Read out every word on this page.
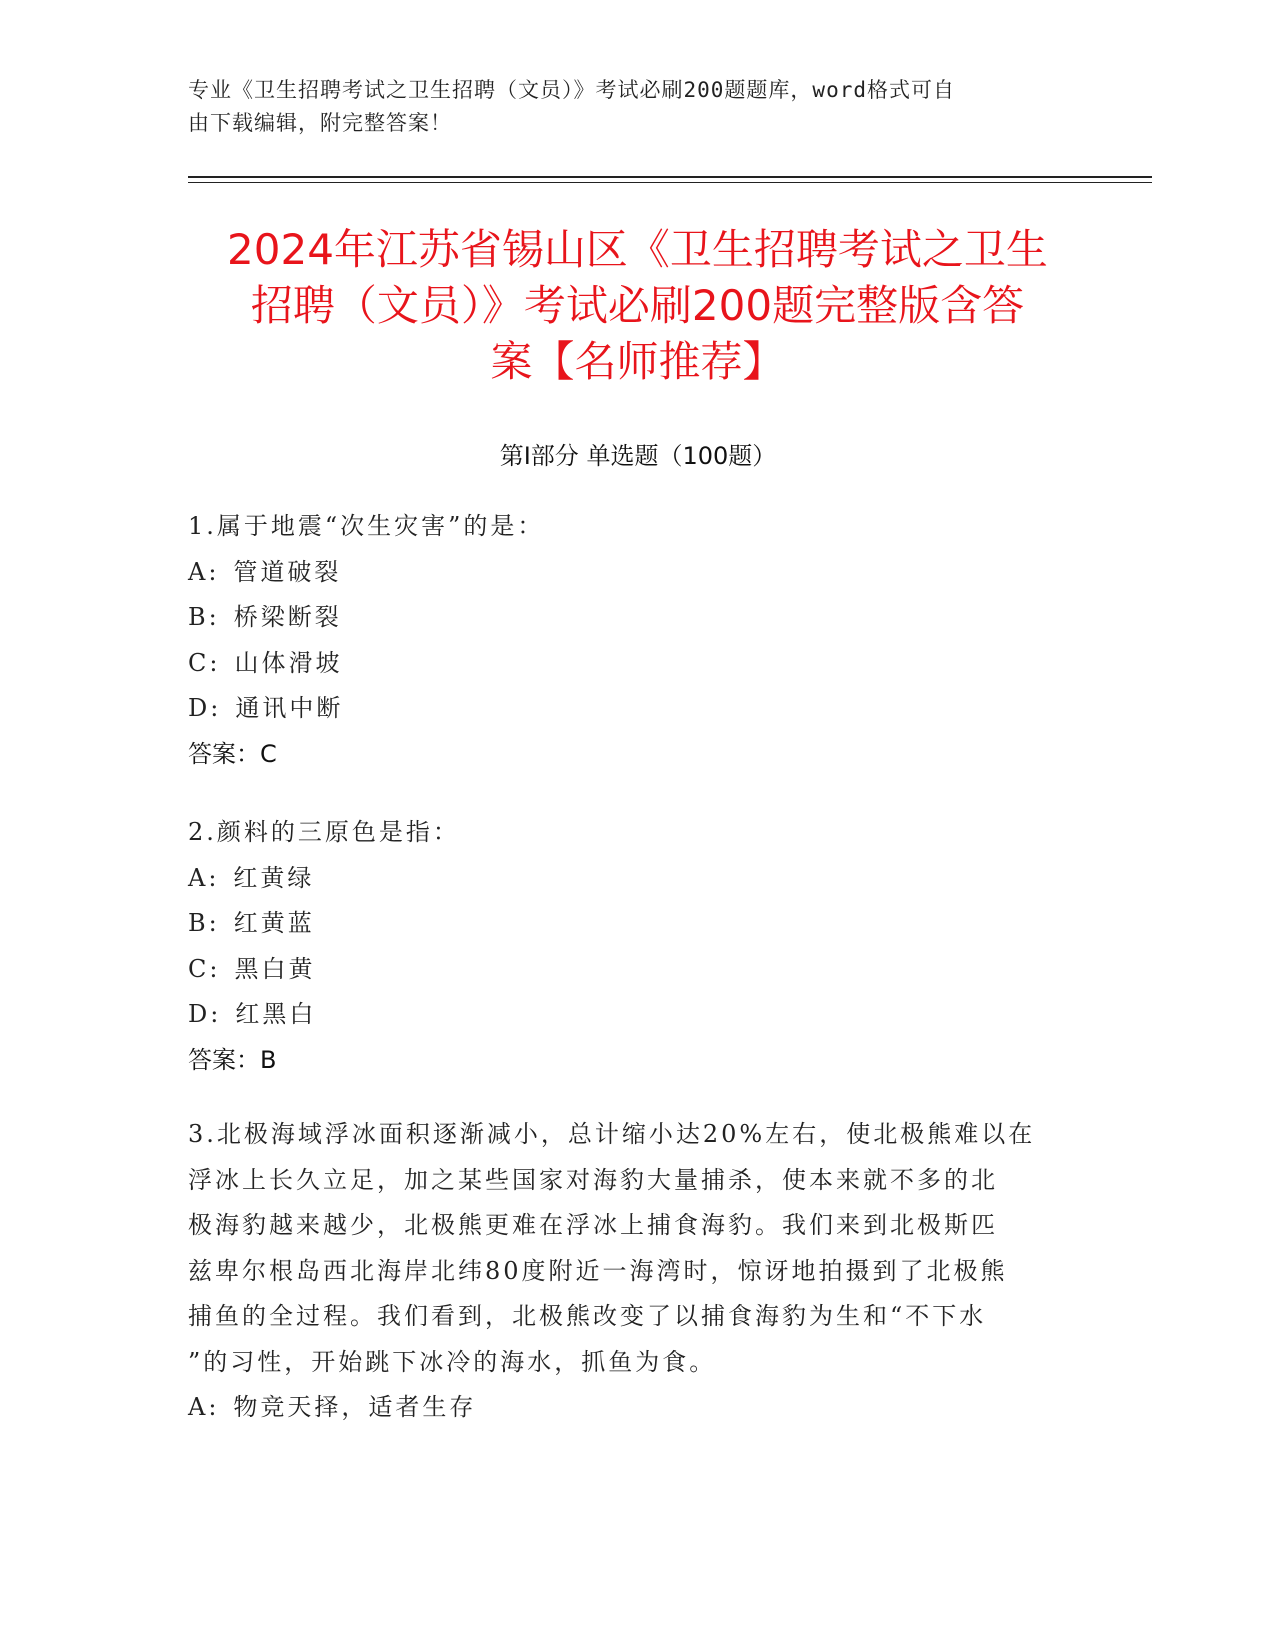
专业《卫生招聘考试之卫生招聘（文员）》考试必刷200题题库，word格式可自
由下载编辑，附完整答案！
2024年江苏省锡山区《卫生招聘考试之卫生
招聘（文员）》考试必刷200题完整版含答
案【名师推荐】
第I部分 单选题（100题）
1.属于地震“次生灾害”的是：
A: 管道破裂
B: 桥梁断裂
C: 山体滑坡
D: 通讯中断
答案：C
2.颜料的三原色是指：
A: 红黄绿
B: 红黄蓝
C: 黑白黄
D: 红黑白
答案：B
3.北极海域浮冰面积逐渐减小，总计缩小达20%左右，使北极熊难以在
浮冰上长久立足，加之某些国家对海豹大量捕杀，使本来就不多的北
极海豹越来越少，北极熊更难在浮冰上捕食海豹。我们来到北极斯匹
兹卑尔根岛西北海岸北纬80度附近一海湾时，惊讶地拍摄到了北极熊
捕鱼的全过程。我们看到，北极熊改变了以捕食海豹为生和“不下水
”的习性，开始跳下冰冷的海水，抓鱼为食。
A: 物竞天择，适者生存
